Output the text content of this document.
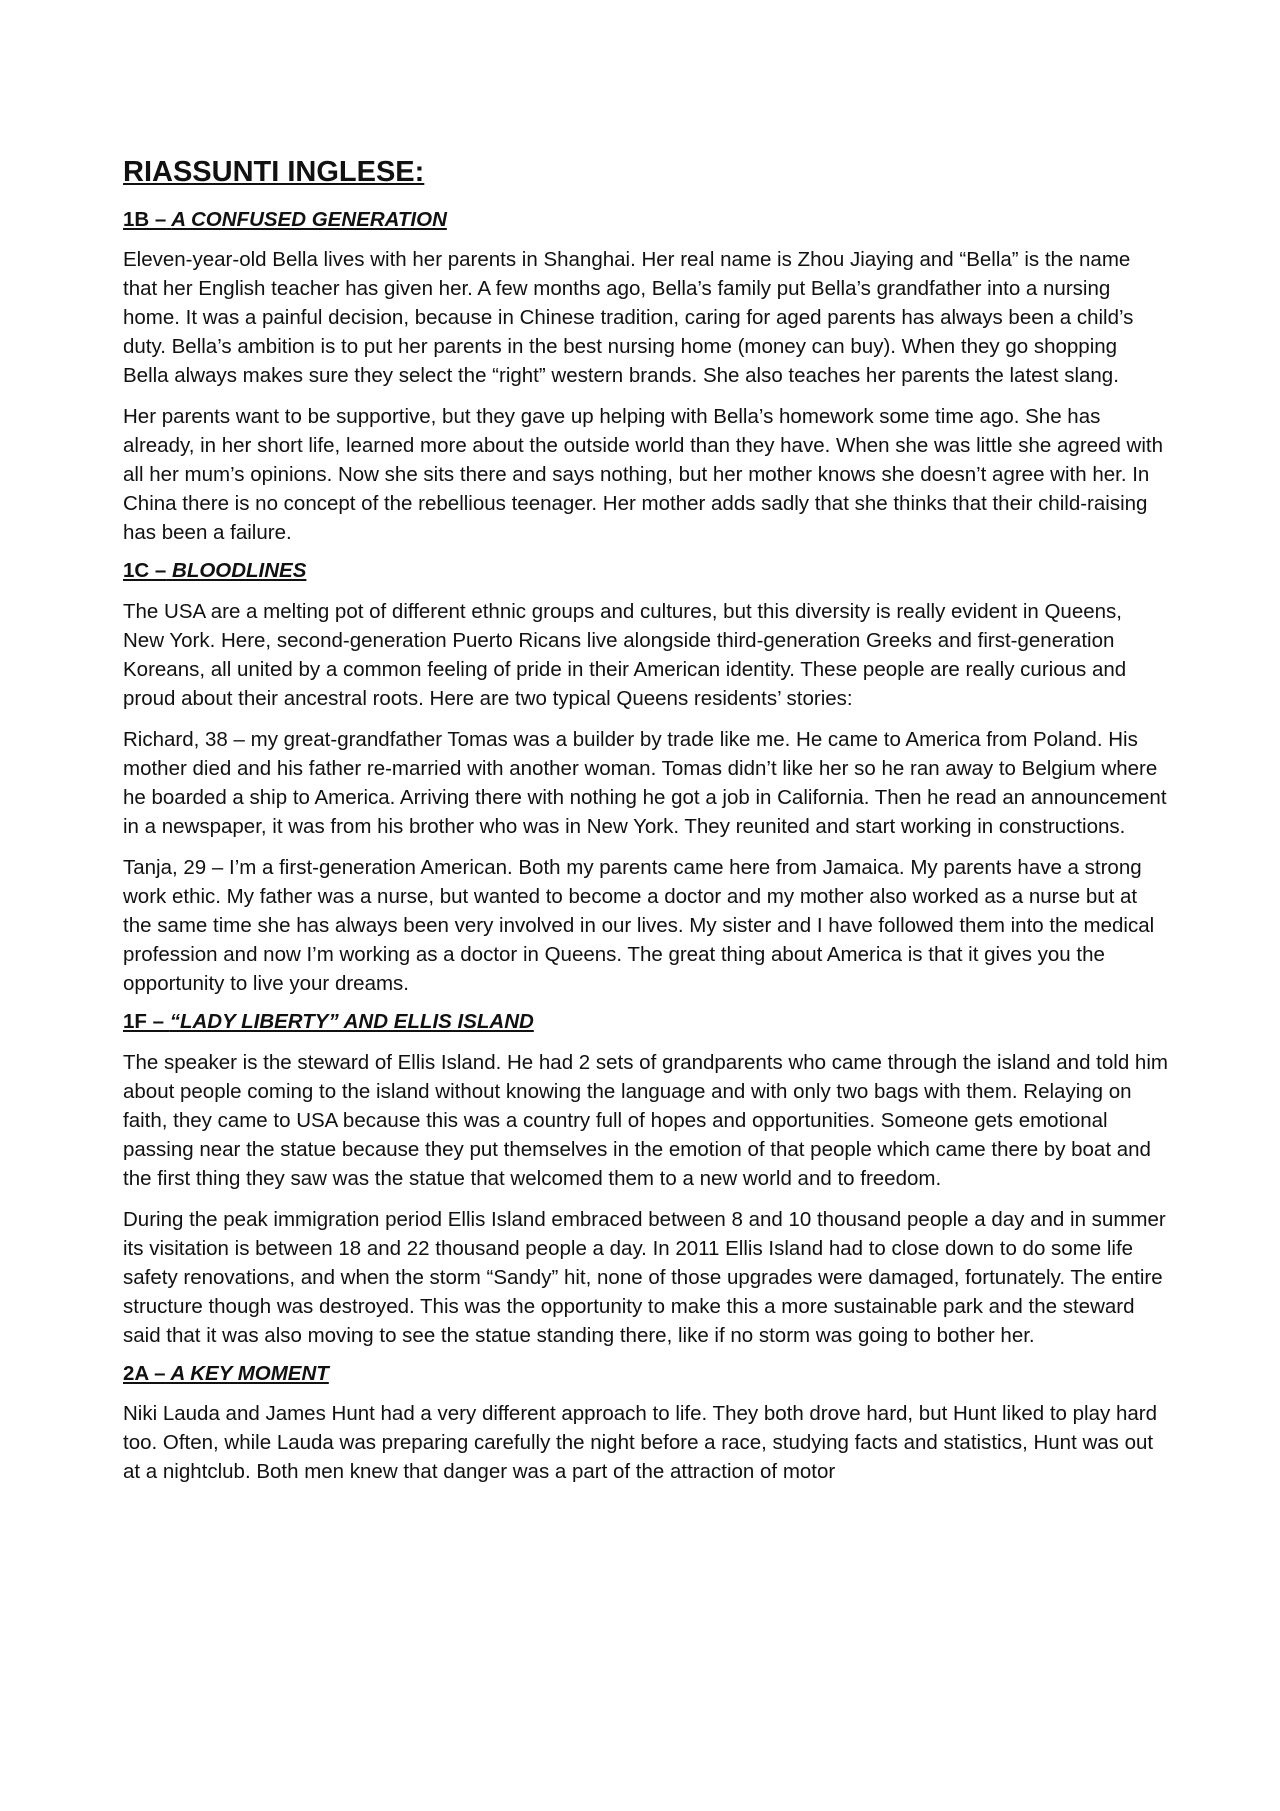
RIASSUNTI INGLESE:
1B – A CONFUSED GENERATION

Eleven-year-old Bella lives with her parents in Shanghai. Her real name is Zhou Jiaying and “Bella” is the name that her English teacher has given her. A few months ago, Bella’s family put Bella’s grandfather into a nursing home. It was a painful decision, because in Chinese tradition, caring for aged parents has always been a child’s duty. Bella’s ambition is to put her parents in the best nursing home (money can buy). When they go shopping Bella always makes sure they select the “right” western brands. She also teaches her parents the latest slang.

Her parents want to be supportive, but they gave up helping with Bella’s homework some time ago. She has already, in her short life, learned more about the outside world than they have. When she was little she agreed with all her mum’s opinions. Now she sits there and says nothing, but her mother knows she doesn’t agree with her. In China there is no concept of the rebellious teenager. Her mother adds sadly that she thinks that their child-raising has been a failure.

1C – BLOODLINES

The USA are a melting pot of different ethnic groups and cultures, but this diversity is really evident in Queens, New York. Here, second-generation Puerto Ricans live alongside third-generation Greeks and first-generation Koreans, all united by a common feeling of pride in their American identity. These people are really curious and proud about their ancestral roots. Here are two typical Queens residents’ stories:

Richard, 38 – my great-grandfather Tomas was a builder by trade like me. He came to America from Poland. His mother died and his father re-married with another woman. Tomas didn’t like her so he ran away to Belgium where he boarded a ship to America. Arriving there with nothing he got a job in California. Then he read an announcement in a newspaper, it was from his brother who was in New York. They reunited and start working in constructions.

Tanja, 29 – I’m a first-generation American. Both my parents came here from Jamaica. My parents have a strong work ethic. My father was a nurse, but wanted to become a doctor and my mother also worked as a nurse but at the same time she has always been very involved in our lives. My sister and I have followed them into the medical profession and now I’m working as a doctor in Queens. The great thing about America is that it gives you the opportunity to live your dreams.

1F – “LADY LIBERTY” AND ELLIS ISLAND

The speaker is the steward of Ellis Island. He had 2 sets of grandparents who came through the island and told him about people coming to the island without knowing the language and with only two bags with them. Relaying on faith, they came to USA because this was a country full of hopes and opportunities. Someone gets emotional passing near the statue because they put themselves in the emotion of that people which came there by boat and the first thing they saw was the statue that welcomed them to a new world and to freedom.

During the peak immigration period Ellis Island embraced between 8 and 10 thousand people a day and in summer its visitation is between 18 and 22 thousand people a day. In 2011 Ellis Island had to close down to do some life safety renovations, and when the storm “Sandy” hit, none of those upgrades were damaged, fortunately. The entire structure though was destroyed. This was the opportunity to make this a more sustainable park and the steward said that it was also moving to see the statue standing there, like if no storm was going to bother her.

2A – A KEY MOMENT

Niki Lauda and James Hunt had a very different approach to life. They both drove hard, but Hunt liked to play hard too. Often, while Lauda was preparing carefully the night before a race, studying facts and statistics, Hunt was out at a nightclub. Both men knew that danger was a part of the attraction of motor
